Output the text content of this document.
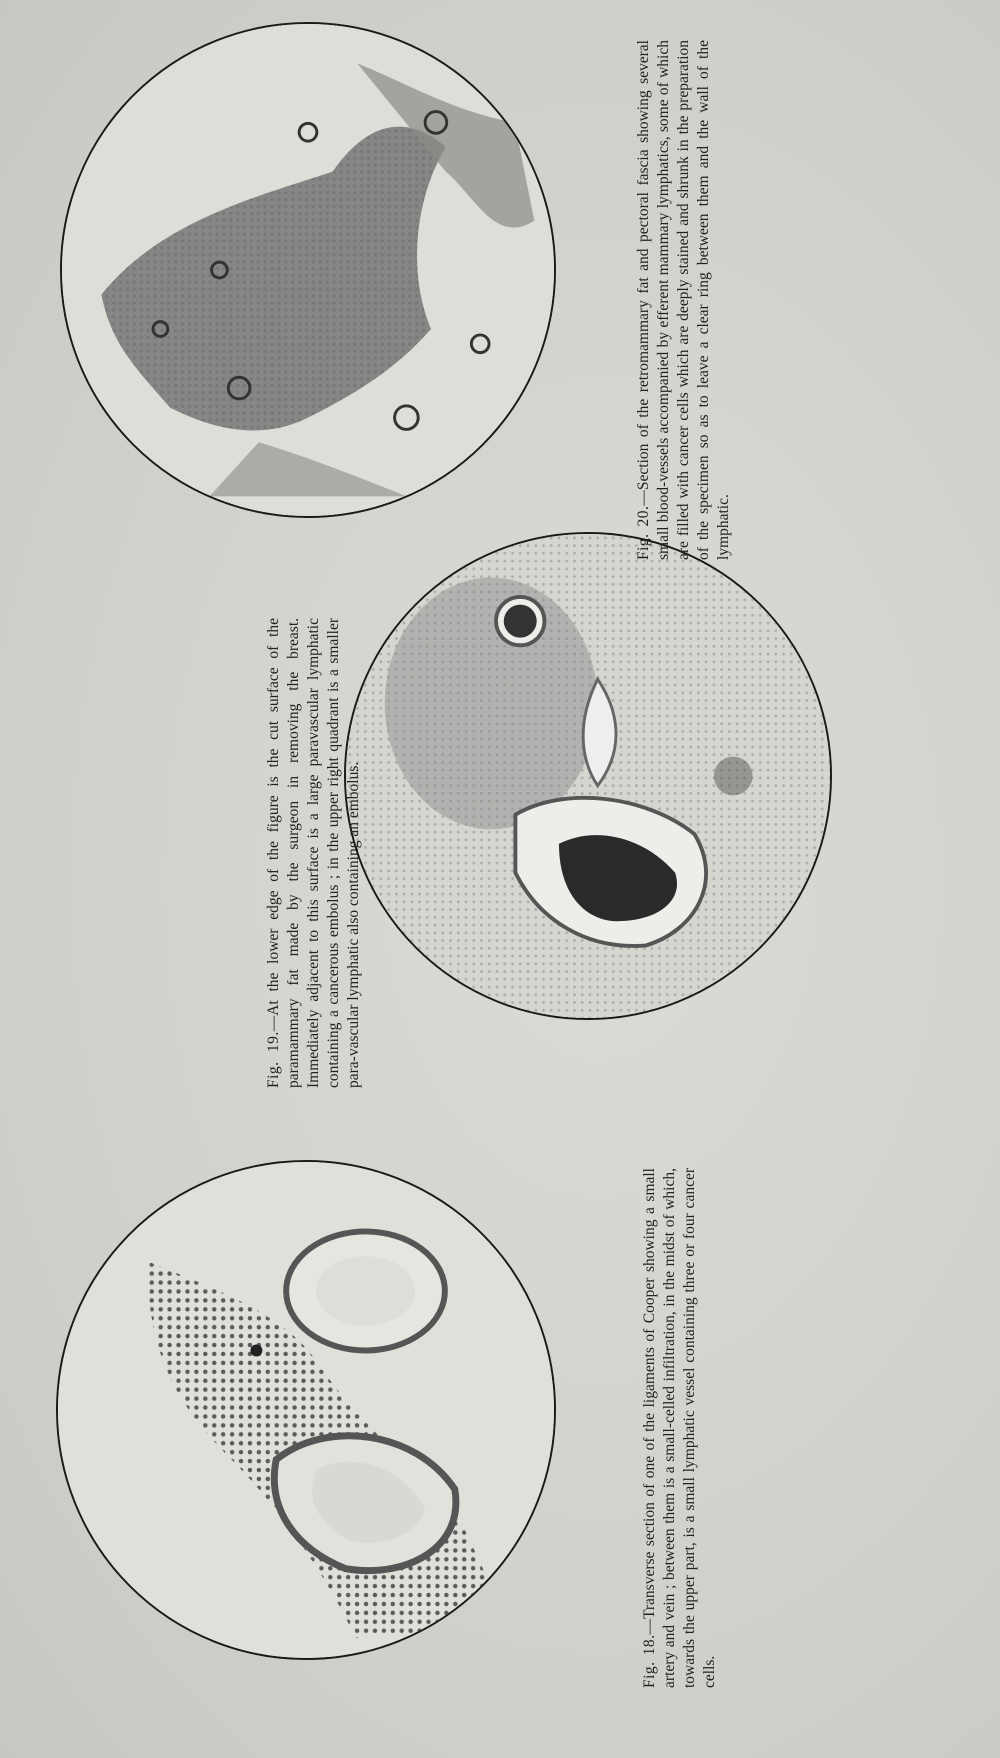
Fig. 20.—Section of the retromammary fat and pectoral fascia showing several small blood-vessels accompanied by efferent mammary lymphatics, some of which are filled with cancer cells which are deeply stained and shrunk in the preparation of the specimen so as to leave a clear ring between them and the wall of the lymphatic.
Fig. 19.—At the lower edge of the figure is the cut surface of the paramammary fat made by the surgeon in removing the breast. Immediately adjacent to this surface is a large paravascular lymphatic containing a cancerous embolus ; in the upper right quadrant is a smaller para-vascular lymphatic also containing an embolus.
Fig. 18.—Transverse section of one of the ligaments of Cooper showing a small artery and vein ; between them is a small-celled infiltration, in the midst of which, towards the upper part, is a small lymphatic vessel containing three or four cancer cells.
